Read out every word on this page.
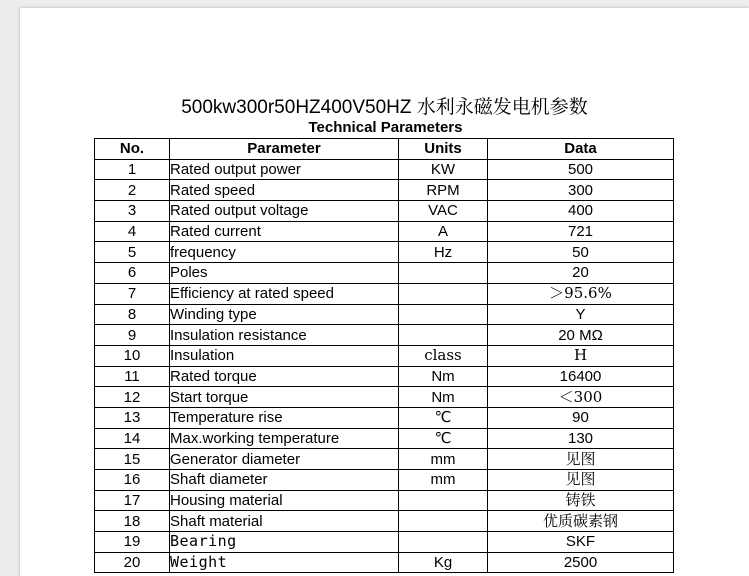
500kw300r50HZ400V50HZ 水利永磁发电机参数
Technical Parameters
No.	Parameter	Units	Data
1	Rated output power	KW	500
2	Rated speed	RPM	300
3	Rated output voltage	VAC	400
4	Rated current	A	721
5	frequency	Hz	50
6	Poles		20
7	Efficiency at rated speed		＞95.6%
8	Winding type		Y
9	Insulation resistance		20 MΩ
10	Insulation	class	H
11	Rated torque	Nm	16400
12	Start torque	Nm	＜300
13	Temperature rise	℃	90
14	Max.working temperature	℃	130
15	Generator diameter	mm	见图
16	Shaft diameter	mm	见图
17	Housing material		铸铁
18	Shaft material		优质碳素钢
19	Bearing		SKF
20	Weight	Kg	2500
